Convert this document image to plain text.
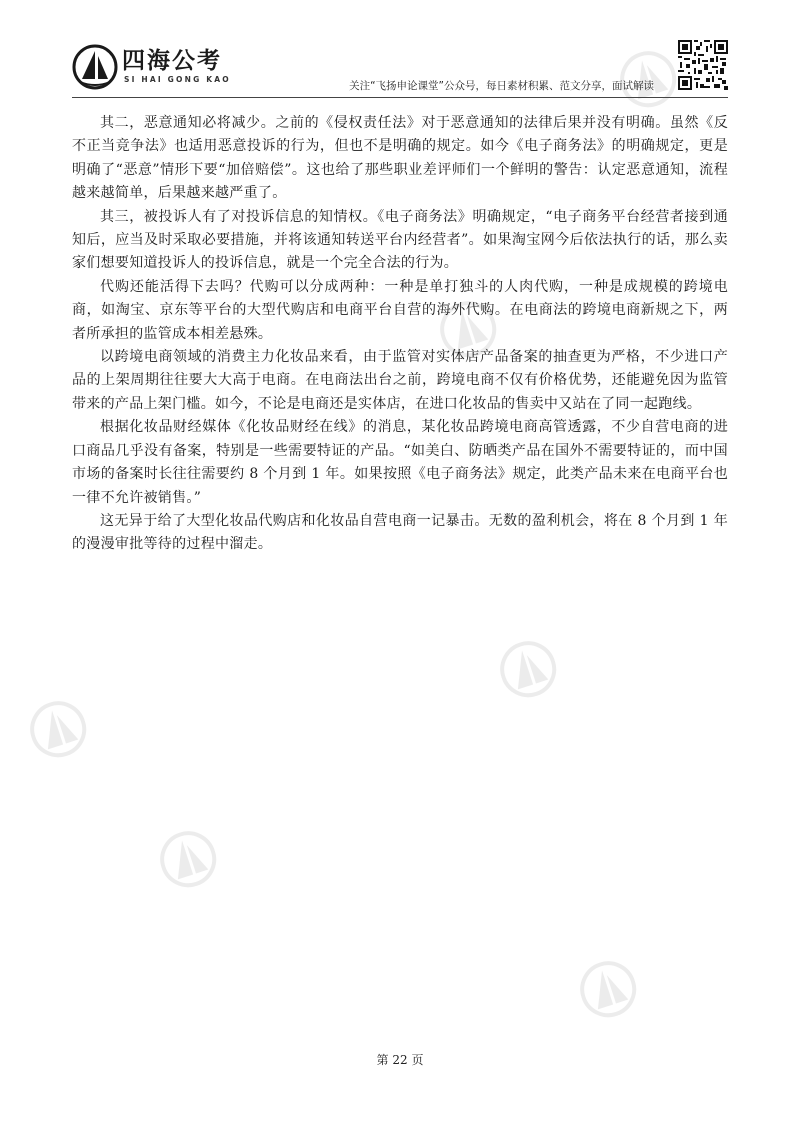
四海公考
SI HAI GONG KAO
关注“飞扬申论课堂”公众号，每日素材积累、范文分享，面试解读

其二，恶意通知必将减少。之前的《侵权责任法》对于恶意通知的法律后果并没有明确。虽然《反不正当竞争法》也适用恶意投诉的行为，但也不是明确的规定。如今《电子商务法》的明确规定，更是明确了“恶意”情形下要“加倍赔偿”。这也给了那些职业差评师们一个鲜明的警告：认定恶意通知，流程越来越简单，后果越来越严重了。

其三，被投诉人有了对投诉信息的知情权。《电子商务法》明确规定，“电子商务平台经营者接到通知后，应当及时采取必要措施，并将该通知转送平台内经营者”。如果淘宝网今后依法执行的话，那么卖家们想要知道投诉人的投诉信息，就是一个完全合法的行为。

代购还能活得下去吗？代购可以分成两种：一种是单打独斗的人肉代购，一种是成规模的跨境电商，如淘宝、京东等平台的大型代购店和电商平台自营的海外代购。在电商法的跨境电商新规之下，两者所承担的监管成本相差悬殊。

以跨境电商领域的消费主力化妆品来看，由于监管对实体店产品备案的抽查更为严格，不少进口产品的上架周期往往要大大高于电商。在电商法出台之前，跨境电商不仅有价格优势，还能避免因为监管带来的产品上架门槛。如今，不论是电商还是实体店，在进口化妆品的售卖中又站在了同一起跑线。

根据化妆品财经媒体《化妆品财经在线》的消息，某化妆品跨境电商高管透露，不少自营电商的进口商品几乎没有备案，特别是一些需要特证的产品。“如美白、防晒类产品在国外不需要特证的，而中国市场的备案时长往往需要约 8 个月到 1 年。如果按照《电子商务法》规定，此类产品未来在电商平台也一律不允许被销售。”

这无异于给了大型化妆品代购店和化妆品自营电商一记暴击。无数的盈利机会，将在 8 个月到 1 年的漫漫审批等待的过程中溜走。

第 22 页
